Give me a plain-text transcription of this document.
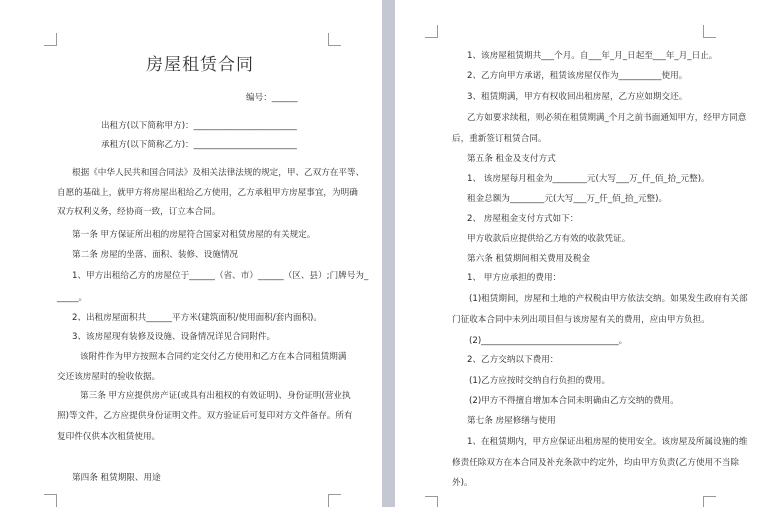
房屋租赁合同
编号：______
出租方(以下简称甲方)：________________________
承租方(以下简称乙方)：________________________
根据《中华人民共和国合同法》及相关法律法规的规定，甲、乙双方在平等、
自愿的基础上，就甲方将房屋出租给乙方使用，乙方承租甲方房屋事宜，为明确
双方权利义务，经协商一致，订立本合同。
第一条 甲方保证所出租的房屋符合国家对租赁房屋的有关规定。
第二条 房屋的坐落、面积、装修、设施情况
1、甲方出租给乙方的房屋位于______（省、市）______（区、县）;门牌号为_
_____。
2、出租房屋面积共______平方米(建筑面积/使用面积/套内面积)。
3、该房屋现有装修及设施、设备情况详见合同附件。
该附件作为甲方按照本合同约定交付乙方使用和乙方在本合同租赁期满
交还该房屋时的验收依据。
第三条 甲方应提供房产证(或具有出租权的有效证明)、身份证明(营业执
照)等文件，乙方应提供身份证明文件。双方验证后可复印对方文件备存。所有
复印件仅供本次租赁使用。
第四条 租赁期限、用途
1、该房屋租赁期共___个月。自___年_月_日起至___年_月_日止。
2、乙方向甲方承诺，租赁该房屋仅作为__________使用。
3、租赁期满，甲方有权收回出租房屋，乙方应如期交还。
乙方如要求续租，则必须在租赁期满_个月之前书面通知甲方，经甲方同意
后，重新签订租赁合同。
第五条 租金及支付方式
1、 该房屋每月租金为________元(大写___万_仟_佰_拾_元整)。
租金总额为________元(大写___万_仟_佰_拾_元整)。
2、 房屋租金支付方式如下：
甲方收款后应提供给乙方有效的收款凭证。
第六条 租赁期间相关费用及税金
1、 甲方应承担的费用：
(1)租赁期间，房屋和土地的产权税由甲方依法交纳。如果发生政府有关部
门征收本合同中未列出项目但与该房屋有关的费用，应由甲方负担。
(2)________________________________。
2、乙方交纳以下费用：
(1)乙方应按时交纳自行负担的费用。
(2)甲方不得擅自增加本合同未明确由乙方交纳的费用。
第七条 房屋修缮与使用
1、在租赁期内，甲方应保证出租房屋的使用安全。该房屋及所属设施的维
修责任除双方在本合同及补充条款中约定外，均由甲方负责(乙方使用不当除
外)。
